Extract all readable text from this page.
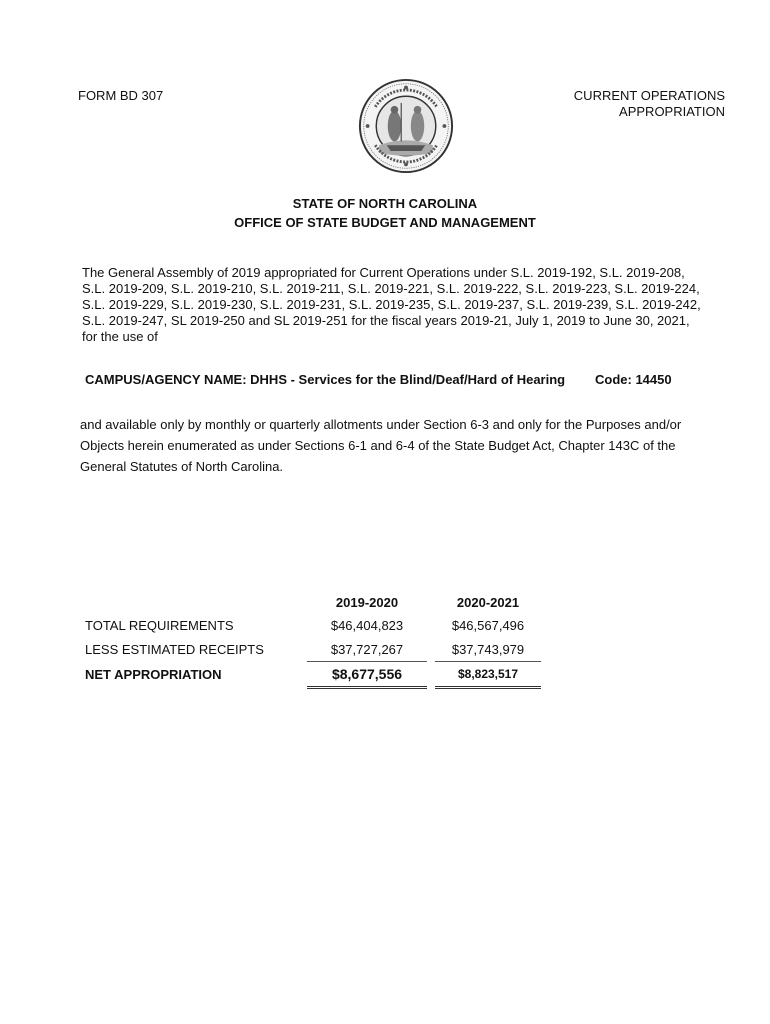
FORM BD 307	CURRENT OPERATIONS
APPROPRIATION
STATE OF NORTH CAROLINA
OFFICE OF STATE BUDGET AND MANAGEMENT
The General Assembly of 2019 appropriated for Current Operations under S.L. 2019-192, S.L. 2019-208, S.L. 2019-209, S.L. 2019-210, S.L. 2019-211, S.L. 2019-221, S.L. 2019-222, S.L. 2019-223, S.L. 2019-224, S.L. 2019-229, S.L. 2019-230, S.L. 2019-231, S.L. 2019-235, S.L. 2019-237, S.L. 2019-239, S.L. 2019-242, S.L. 2019-247, SL 2019-250 and SL 2019-251 for the fiscal years 2019-21, July 1, 2019 to June 30, 2021, for the use of
CAMPUS/AGENCY NAME: DHHS - Services for the Blind/Deaf/Hard of Hearing Code: 14450
and available only by monthly or quarterly allotments under Section 6-3 and only for the Purposes and/or Objects herein enumerated as under Sections 6-1 and 6-4 of the State Budget Act, Chapter 143C of the General Statutes of North Carolina.
	2019-2020		2020-2021
TOTAL REQUIREMENTS	$46,404,823		$46,567,496
LESS ESTIMATED RECEIPTS	$37,727,267		$37,743,979
NET APPROPRIATION	$8,677,556		$8,823,517
